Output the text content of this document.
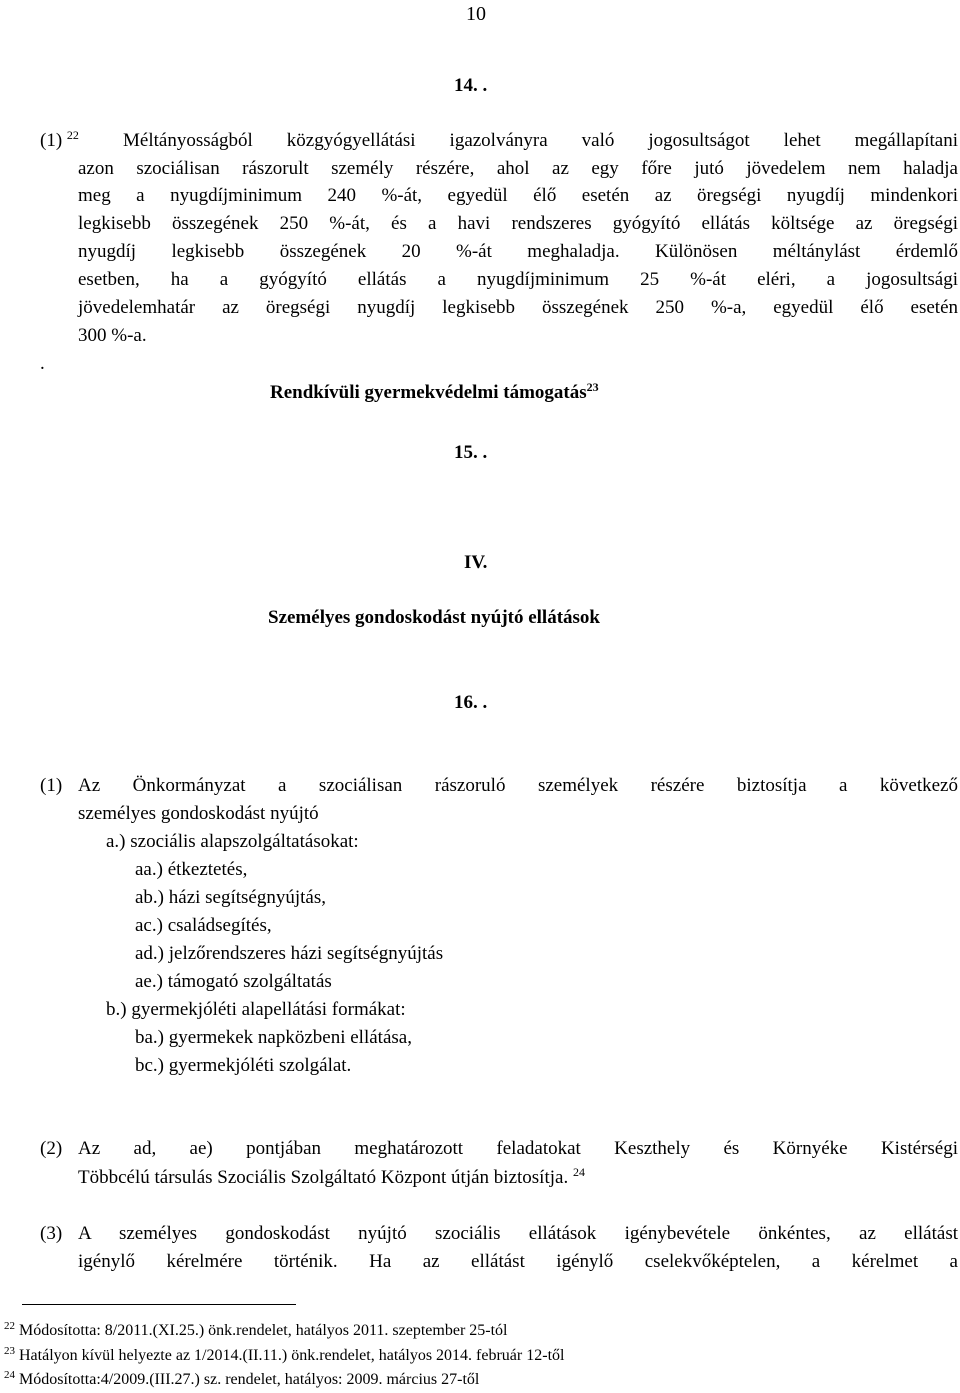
10
14. .
(1) $^{22}$ Méltányosságból közgyógyellátási igazolványra való jogosultságot lehet megállapítani
azon szociálisan rászorult személy részére, ahol az egy főre jutó jövedelem nem haladja
meg a nyugdíjminimum 240 %-át, egyedül élő esetén az öregségi nyugdíj mindenkori
legkisebb összegének 250 %-át, és a havi rendszeres gyógyító ellátás költsége az öregségi
nyugdíj legkisebb összegének 20 %-át meghaladja. Különösen méltánylást érdemlő
esetben, ha a gyógyító ellátás a nyugdíjminimum 25 %-át eléri, a jogosultsági
jövedelemhatár az öregségi nyugdíj legkisebb összegének 250 %-a, egyedül élő esetén
300 %-a.
.
Rendkívüli gyermekvédelmi támogatás$^{23}$
15. .
IV.
Személyes gondoskodást nyújtó ellátások
16. .
(1) Az Önkormányzat a szociálisan rászoruló személyek részére biztosítja a következő
személyes gondoskodást nyújtó
a.) szociális alapszolgáltatásokat:
aa.) étkeztetés,
ab.) házi segítségnyújtás,
ac.) családsegítés,
ad.) jelzőrendszeres házi segítségnyújtás
ae.) támogató szolgáltatás
b.) gyermekjóléti alapellátási formákat:
ba.) gyermekek napközbeni ellátása,
bc.) gyermekjóléti szolgálat.
(2) Az ad, ae) pontjában meghatározott feladatokat Keszthely és Környéke Kistérségi
Többcélú társulás Szociális Szolgáltató Központ útján biztosítja. $^{24}$
(3) A személyes gondoskodást nyújtó szociális ellátások igénybevétele önkéntes, az ellátást
igénylő kérelmére történik. Ha az ellátást igénylő cselekvőképtelen, a kérelmet a
$^{22}$ Módosította: 8/2011.(XI.25.) önk.rendelet, hatályos 2011. szeptember 25-tól
$^{23}$ Hatályon kívül helyezte az 1/2014.(II.11.) önk.rendelet, hatályos 2014. február 12-től
$^{24}$ Módosította:4/2009.(III.27.) sz. rendelet, hatályos: 2009. március 27-től
